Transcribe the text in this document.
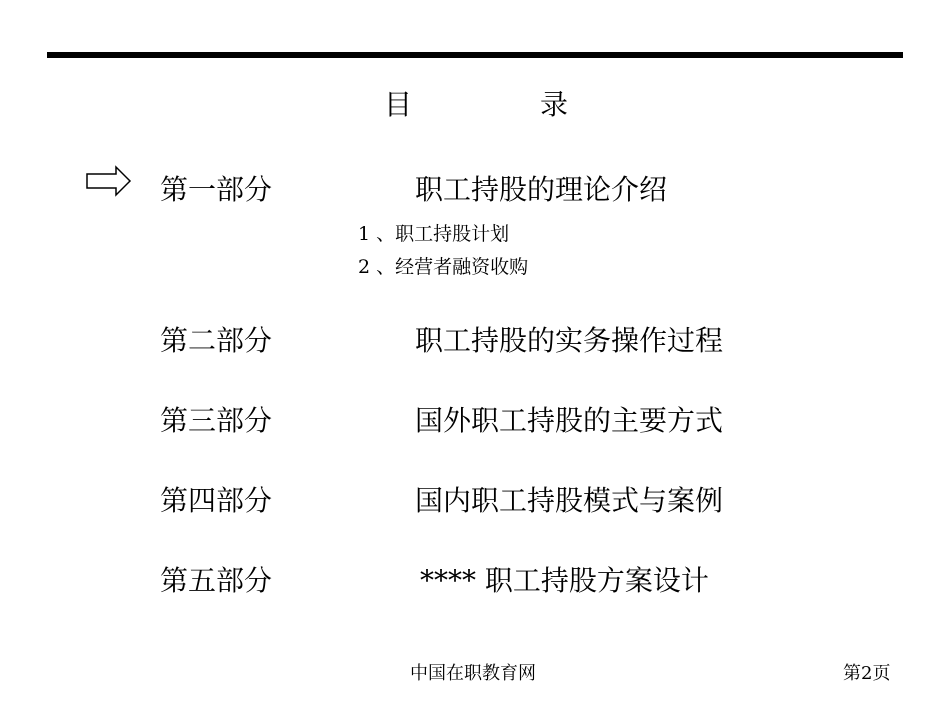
目	录
第一部分	职工持股的理论介绍
1 、职工持股计划
2 、经营者融资收购
第二部分	职工持股的实务操作过程
第三部分	国外职工持股的主要方式
第四部分	国内职工持股模式与案例
第五部分	**** 职工持股方案设计
中国在职教育网	第2页
